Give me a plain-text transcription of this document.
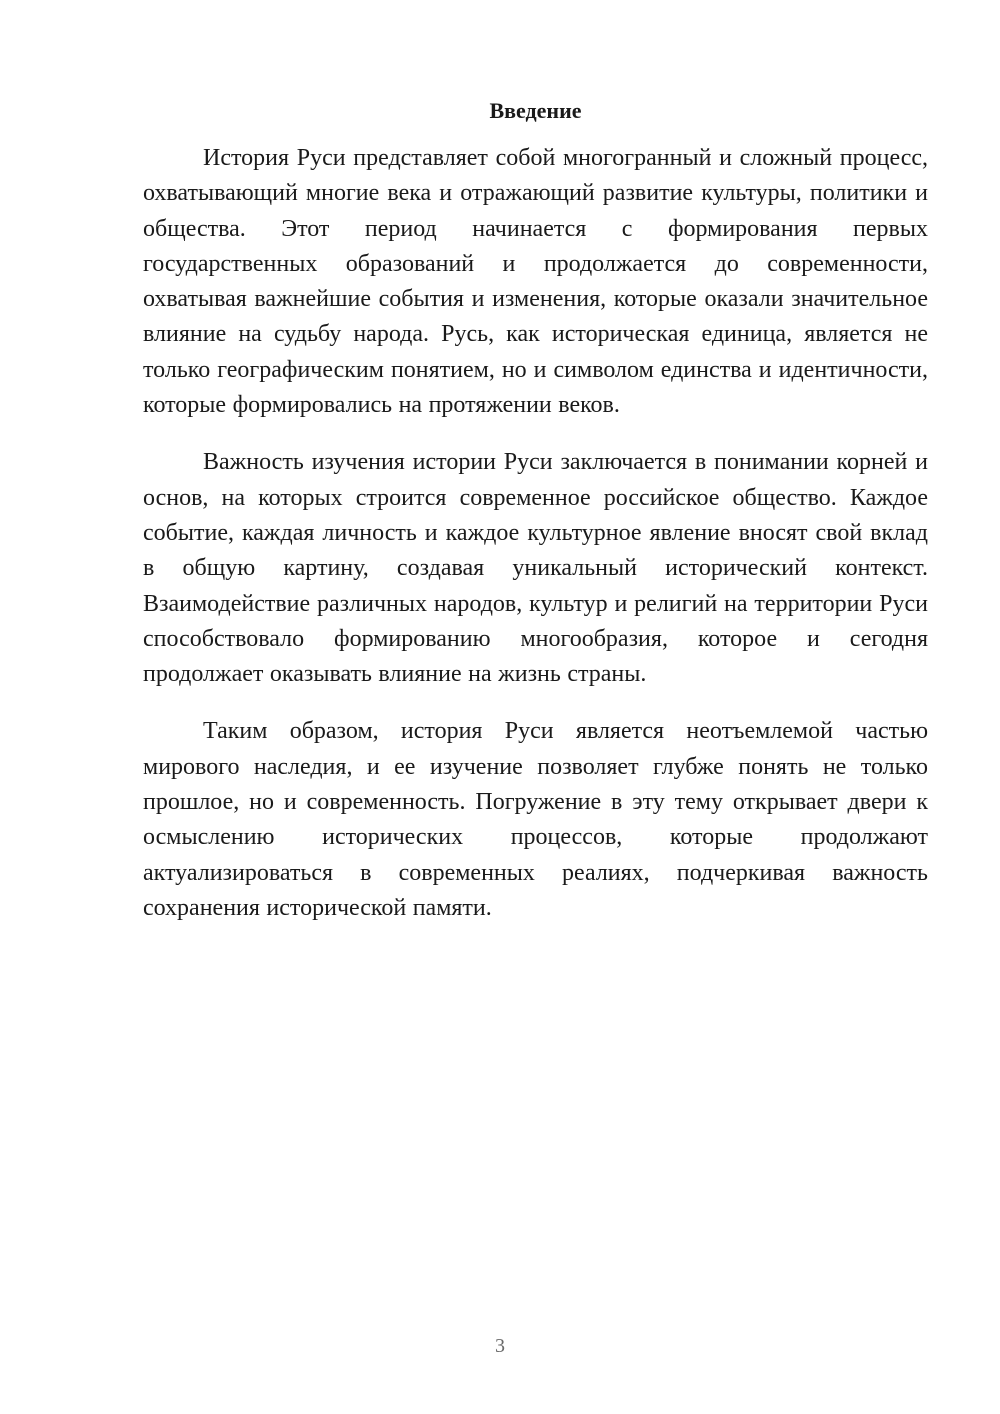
Введение

История Руси представляет собой многогранный и сложный процесс, охватывающий многие века и отражающий развитие культуры, политики и общества. Этот период начинается с формирования первых государственных образований и продолжается до современности, охватывая важнейшие события и изменения, которые оказали значительное влияние на судьбу народа. Русь, как историческая единица, является не только географическим понятием, но и символом единства и идентичности, которые формировались на протяжении веков.

Важность изучения истории Руси заключается в понимании корней и основ, на которых строится современное российское общество. Каждое событие, каждая личность и каждое культурное явление вносят свой вклад в общую картину, создавая уникальный исторический контекст. Взаимодействие различных народов, культур и религий на территории Руси способствовало формированию многообразия, которое и сегодня продолжает оказывать влияние на жизнь страны.

Таким образом, история Руси является неотъемлемой частью мирового наследия, и ее изучение позволяет глубже понять не только прошлое, но и современность. Погружение в эту тему открывает двери к осмыслению исторических процессов, которые продолжают актуализироваться в современных реалиях, подчеркивая важность сохранения исторической памяти.

3
